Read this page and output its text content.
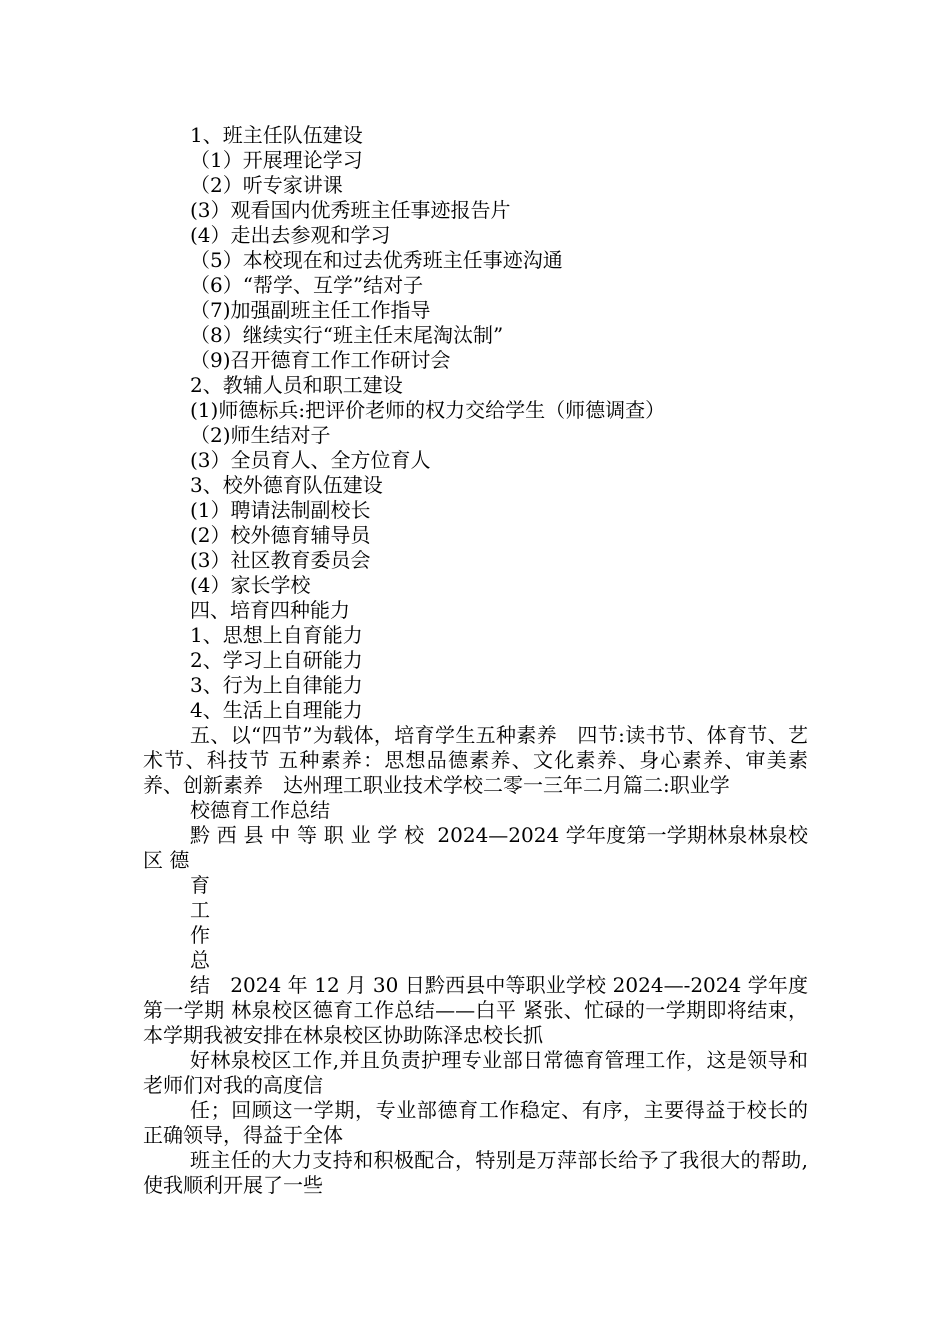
1、班主任队伍建设

（1）开展理论学习

（2）听专家讲课

(3）观看国内优秀班主任事迹报告片

(4）走出去参观和学习

（5）本校现在和过去优秀班主任事迹沟通

（6）“帮学、互学”结对子

（7)加强副班主任工作指导

（8）继续实行“班主任末尾淘汰制”

（9)召开德育工作工作研讨会

2、教辅人员和职工建设

(1)师德标兵:把评价老师的权力交给学生（师德调查）

（2)师生结对子

(3）全员育人、全方位育人

3、校外德育队伍建设

(1）聘请法制副校长

(2）校外德育辅导员

(3）社区教育委员会

(4）家长学校

四、培育四种能力

1、思想上自育能力

2、学习上自研能力

3、行为上自律能力

4、生活上自理能力

五、以“四节”为载体，培育学生五种素养　四节:读书节、体育节、艺术节、科技节 五种素养：思想品德素养、文化素养、身心素养、审美素养、创新素养　达州理工职业技术学校二零一三年二月篇二:职业学

校德育工作总结

黔 西 县 中 等 职 业 学 校  2024—2024 学年度第一学期林泉林泉校区 德

育

工

作

总

结　2024 年 12 月 30 日黔西县中等职业学校 2024—-2024 学年度第一学期 林泉校区德育工作总结——白平 紧张、忙碌的一学期即将结束，本学期我被安排在林泉校区协助陈泽忠校长抓

好林泉校区工作,并且负责护理专业部日常德育管理工作，这是领导和老师们对我的高度信

任；回顾这一学期，专业部德育工作稳定、有序，主要得益于校长的正确领导，得益于全体

班主任的大力支持和积极配合，特别是万萍部长给予了我很大的帮助,使我顺利开展了一些
